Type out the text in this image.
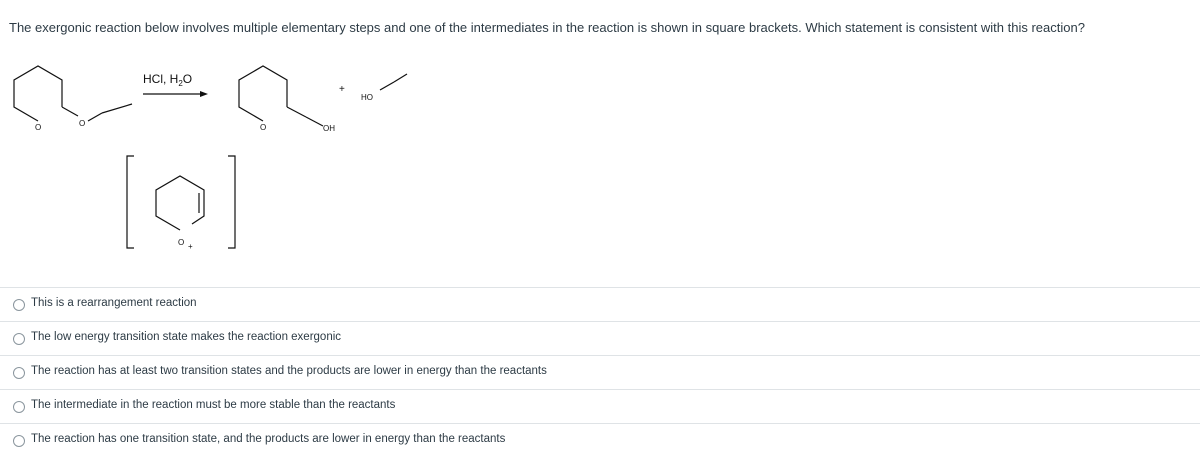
The exergonic reaction below involves multiple elementary steps and one of the intermediates in the reaction is shown in square brackets. Which statement is consistent with this reaction?
O	O
HCl, $H_2O$
O	OH
+
HO
O +
This is a rearrangement reaction
The low energy transition state makes the reaction exergonic
The reaction has at least two transition states and the products are lower in energy than the reactants
The intermediate in the reaction must be more stable than the reactants
The reaction has one transition state, and the products are lower in energy than the reactants
